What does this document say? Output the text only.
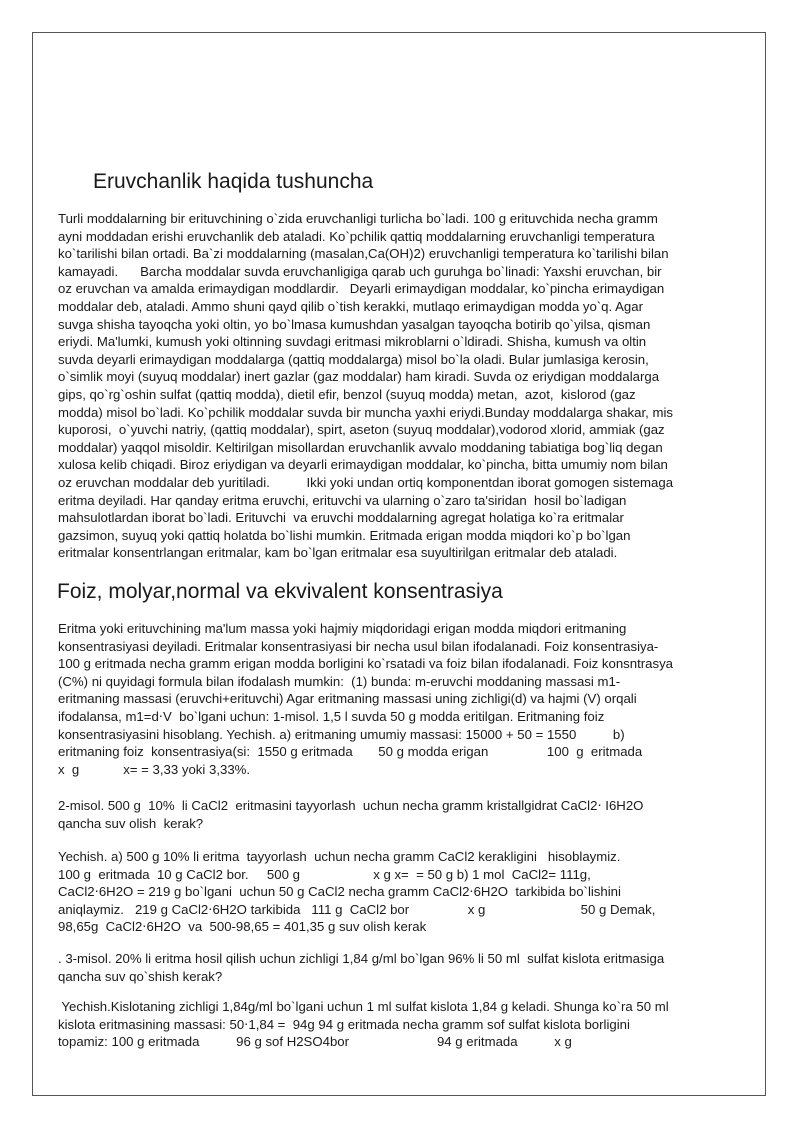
Eruvchanlik haqida tushuncha
Turli moddalarning bir erituvchining o`zida eruvchanligi turlicha bo`ladi. 100 g erituvchida necha gramm
ayni moddadan erishi eruvchanlik deb ataladi. Ko`pchilik qattiq moddalarning eruvchanligi temperatura
ko`tarilishi bilan ortadi. Ba`zi moddalarning (masalan,Ca(OH)2) eruvchanligi temperatura ko`tarilishi bilan
kamayadi.      Barcha moddalar suvda eruvchanligiga qarab uch guruhga bo`linadi: Yaxshi eruvchan, bir
oz eruvchan va amalda erimaydigan moddlardir.   Deyarli erimaydigan moddalar, ko`pincha erimaydigan
moddalar deb, ataladi. Ammo shuni qayd qilib o`tish kerakki, mutlaqo erimaydigan modda yo`q. Agar
suvga shisha tayoqcha yoki oltin, yo bo`lmasa kumushdan yasalgan tayoqcha botirib qo`yilsa, qisman
eriydi. Ma'lumki, kumush yoki oltinning suvdagi eritmasi mikroblarni o`ldiradi. Shisha, kumush va oltin
suvda deyarli erimaydigan moddalarga (qattiq moddalarga) misol bo`la oladi. Bular jumlasiga kerosin,
o`simlik moyi (suyuq moddalar) inert gazlar (gaz moddalar) ham kiradi. Suvda oz eriydigan moddalarga
gips, qo`rg`oshin sulfat (qattiq modda), dietil efir, benzol (suyuq modda) metan,  azot,  kislorod (gaz
modda) misol bo`ladi. Ko`pchilik moddalar suvda bir muncha yaxhi eriydi.Bunday moddalarga shakar, mis
kuporosi,  o`yuvchi natriy, (qattiq moddalar), spirt, aseton (suyuq moddalar),vodorod xlorid, ammiak (gaz
moddalar) yaqqol misoldir. Keltirilgan misollardan eruvchanlik avvalo moddaning tabiatiga bog`liq degan
xulosa kelib chiqadi. Biroz eriydigan va deyarli erimaydigan moddalar, ko`pincha, bitta umumiy nom bilan
oz eruvchan moddalar deb yuritiladi.          Ikki yoki undan ortiq komponentdan iborat gomogen sistemaga
eritma deyiladi. Har qanday eritma eruvchi, erituvchi va ularning o`zaro ta'siridan  hosil bo`ladigan
mahsulotlardan iborat bo`ladi. Erituvchi  va eruvchi moddalarning agregat holatiga ko`ra eritmalar
gazsimon, suyuq yoki qattiq holatda bo`lishi mumkin. Eritmada erigan modda miqdori ko`p bo`lgan
eritmalar konsentrlangan eritmalar, kam bo`lgan eritmalar esa suyultirilgan eritmalar deb ataladi.
Foiz, molyar,normal va ekvivalent konsentrasiya
Eritma yoki erituvchining ma'lum massa yoki hajmiy miqdoridagi erigan modda miqdori eritmaning
konsentrasiyasi deyiladi. Eritmalar konsentrasiyasi bir necha usul bilan ifodalanadi. Foiz konsentrasiya-
100 g eritmada necha gramm erigan modda borligini ko`rsatadi va foiz bilan ifodalanadi. Foiz konsntrasya
(C%) ni quyidagi formula bilan ifodalash mumkin:  (1) bunda: m-eruvchi moddaning massasi m1-
eritmaning massasi (eruvchi+erituvchi) Agar eritmaning massasi uning zichligi(d) va hajmi (V) orqali
ifodalansa, m1=d⋅V  bo`lgani uchun: 1-misol. 1,5 l suvda 50 g modda eritilgan. Eritmaning foiz
konsentrasiyasini hisoblang. Yechish. a) eritmaning umumiy massasi: 15000 + 50 = 1550          b)
eritmaning foiz  konsentrasiya(si:  1550 g eritmada       50 g modda erigan                100  g  eritmada
x  g            x= = 3,33 yoki 3,33%.
2-misol. 500 g  10%  li CaCl2  eritmasini tayyorlash  uchun necha gramm kristallgidrat CaCl2⋅ I6H2O
qancha suv olish  kerak?
Yechish. a) 500 g 10% li eritma  tayyorlash  uchun necha gramm CaCl2 kerakligini   hisoblaymiz.
100 g  eritmada  10 g CaCl2 bor.     500 g                    x g x=  = 50 g b) 1 mol  CaCl2= 111g,
CaCl2⋅6H2O = 219 g bo`lgani  uchun 50 g CaCl2 necha gramm CaCl2⋅6H2O  tarkibida bo`lishini
aniqlaymiz.   219 g CaCl2⋅6H2O tarkibida   111 g  CaCl2 bor                x g                          50 g Demak,
98,65g  CaCl2⋅6H2O  va  500-98,65 = 401,35 g suv olish kerak
. 3-misol. 20% li eritma hosil qilish uchun zichligi 1,84 g/ml bo`lgan 96% li 50 ml  sulfat kislota eritmasiga
qancha suv qo`shish kerak?
Yechish.Kislotaning zichligi 1,84g/ml bo`lgani uchun 1 ml sulfat kislota 1,84 g keladi. Shunga ko`ra 50 ml
kislota eritmasining massasi: 50⋅1,84 =  94g 94 g eritmada necha gramm sof sulfat kislota borligini
topamiz: 100 g eritmada          96 g sof H2SO4bor                        94 g eritmada          x g
